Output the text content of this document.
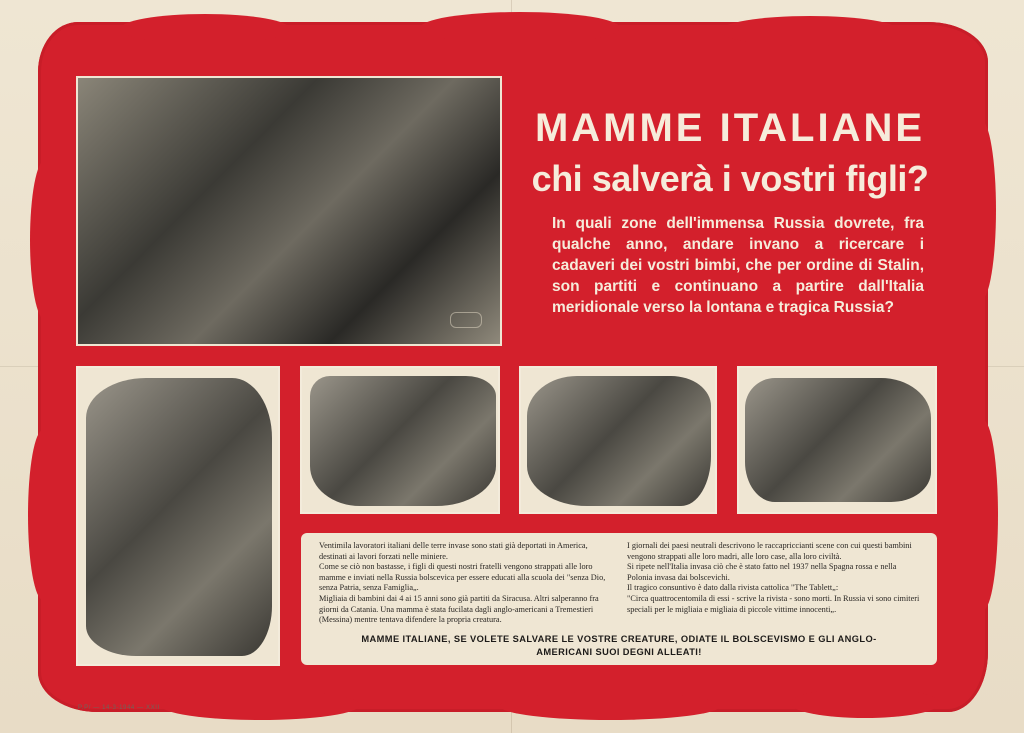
MAMME ITALIANE
chi salverà i vostri figli?
In quali zone dell'immensa Russia dovrete, fra qualche anno, andare invano a ricercare i cadaveri dei vostri bimbi, che per ordine di Stalin, son partiti e continuano a partire dall'Italia meridionale verso la lontana e tragica Russia?

Ventimila lavoratori italiani delle terre invase sono stati già deportati in America, destinati ai lavori forzati nelle miniere.

Come se ciò non bastasse, i figli di questi nostri fratelli vengono strappati alle loro mamme e inviati nella Russia bolscevica per essere educati alla scuola dei "senza Dio, senza Patria, senza Famiglia„.

Migliaia di bambini dai 4 ai 15 anni sono già partiti da Siracusa. Altri salperanno fra giorni da Catania. Una mamma è stata fucilata dagli anglo-americani a Tremestieri (Messina) mentre tentava difendere la propria creatura.

I giornali dei paesi neutrali descrivono le raccapriccianti scene con cui questi bambini vengono strappati alle loro madri, alle loro case, alla loro civiltà.

Si ripete nell'Italia invasa ciò che è stato fatto nel 1937 nella Spagna rossa e nella Polonia invasa dai bolscevichi.

Il tragico consuntivo è dato dalla rivista cattolica "The Tablett„:

"Circa quattrocentomila di essi - scrive la rivista - sono morti. In Russia vi sono cimiteri speciali per le migliaia e migliaia di piccole vittime innocenti„.

MAMME ITALIANE, SE VOLETE SALVARE LE VOSTRE CREATURE, ODIATE IL BOLSCEVISMO E GLI ANGLO-AMERICANI SUOI DEGNI ALLEATI!
P.P/ — 14-3-1944 — XXII
